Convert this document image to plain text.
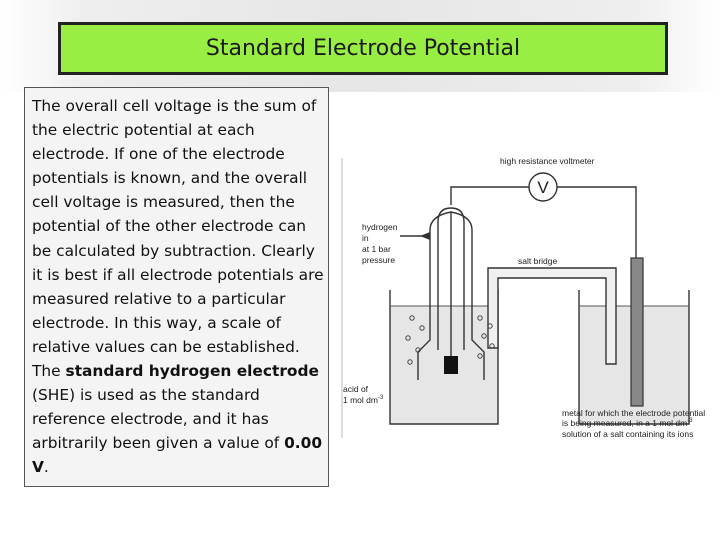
Standard Electrode Potential
The overall cell voltage is the sum of the electric potential at each electrode. If one of the electrode potentials is known, and the overall cell voltage is measured, then the potential of the other electrode can be calculated by subtraction. Clearly it is best if all electrode potentials are measured relative to a particular electrode. In this way, a scale of relative values can be established. The standard hydrogen electrode (SHE) is used as the standard reference electrode, and it has arbitrarily been given a value of 0.00 V.
V
high resistance voltmeter
salt bridge
hydrogen
in
at 1 bar
pressure
acid of
1 mol $dm^{-3}$
metal for which the electrode potential
is being measured, in a 1 mol $dm^{-3}$
solution of a salt containing its ions
